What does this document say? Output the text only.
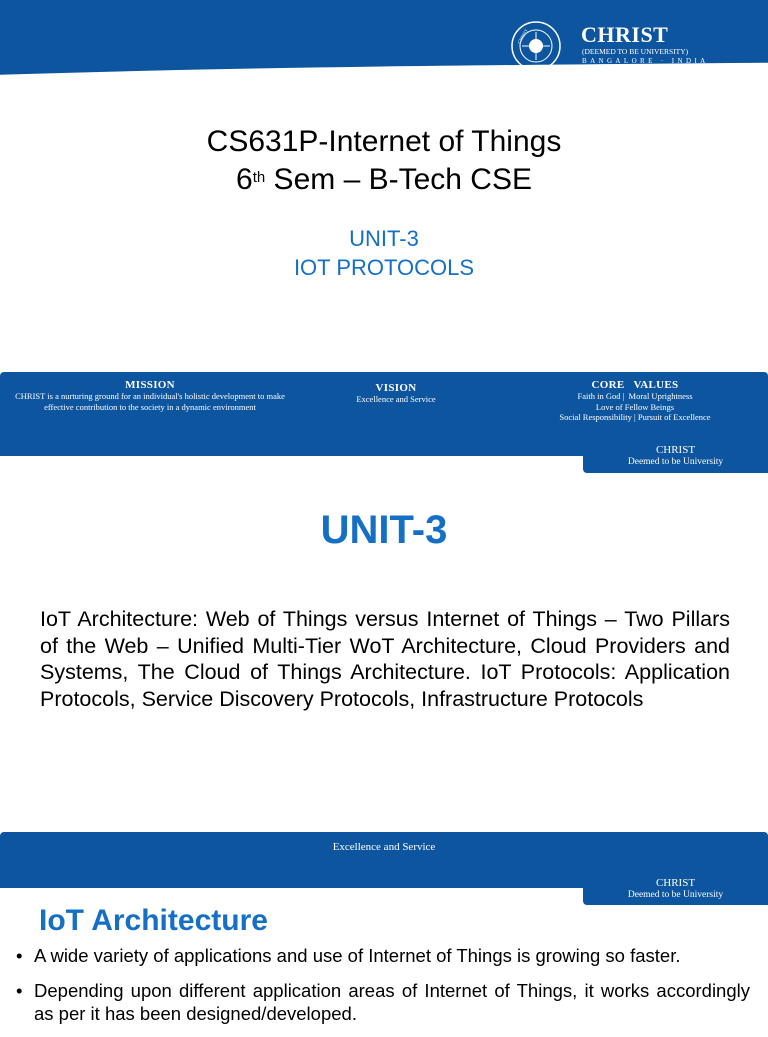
CHRIST CHRIST
(DEEMED TO BE UNIVERSITY)
BANGALORE · INDIA
CS631P-Internet of Things
6th Sem – B-Tech CSE
UNIT-3
IOT PROTOCOLS
MISSION
CHRIST is a nurturing ground for an individual's holistic development to make effective contribution to the society in a dynamic environment
VISION
Excellence and Service
CORE   VALUES
Faith in God |  Moral Uprightness
Love of Fellow Beings
Social Responsibility | Pursuit of Excellence
CHRIST
Deemed to be University
UNIT-3
IoT Architecture: Web of Things versus Internet of Things – Two Pillars of the Web – Unified Multi-Tier WoT Architecture, Cloud Providers and Systems, The Cloud of Things Architecture. IoT Protocols: Application Protocols, Service Discovery Protocols, Infrastructure Protocols
Excellence and Service
CHRIST
Deemed to be University
IoT Architecture
• A wide variety of applications and use of Internet of Things is growing so faster.
• Depending upon different application areas of Internet of Things, it works accordingly as per it has been designed/developed.
